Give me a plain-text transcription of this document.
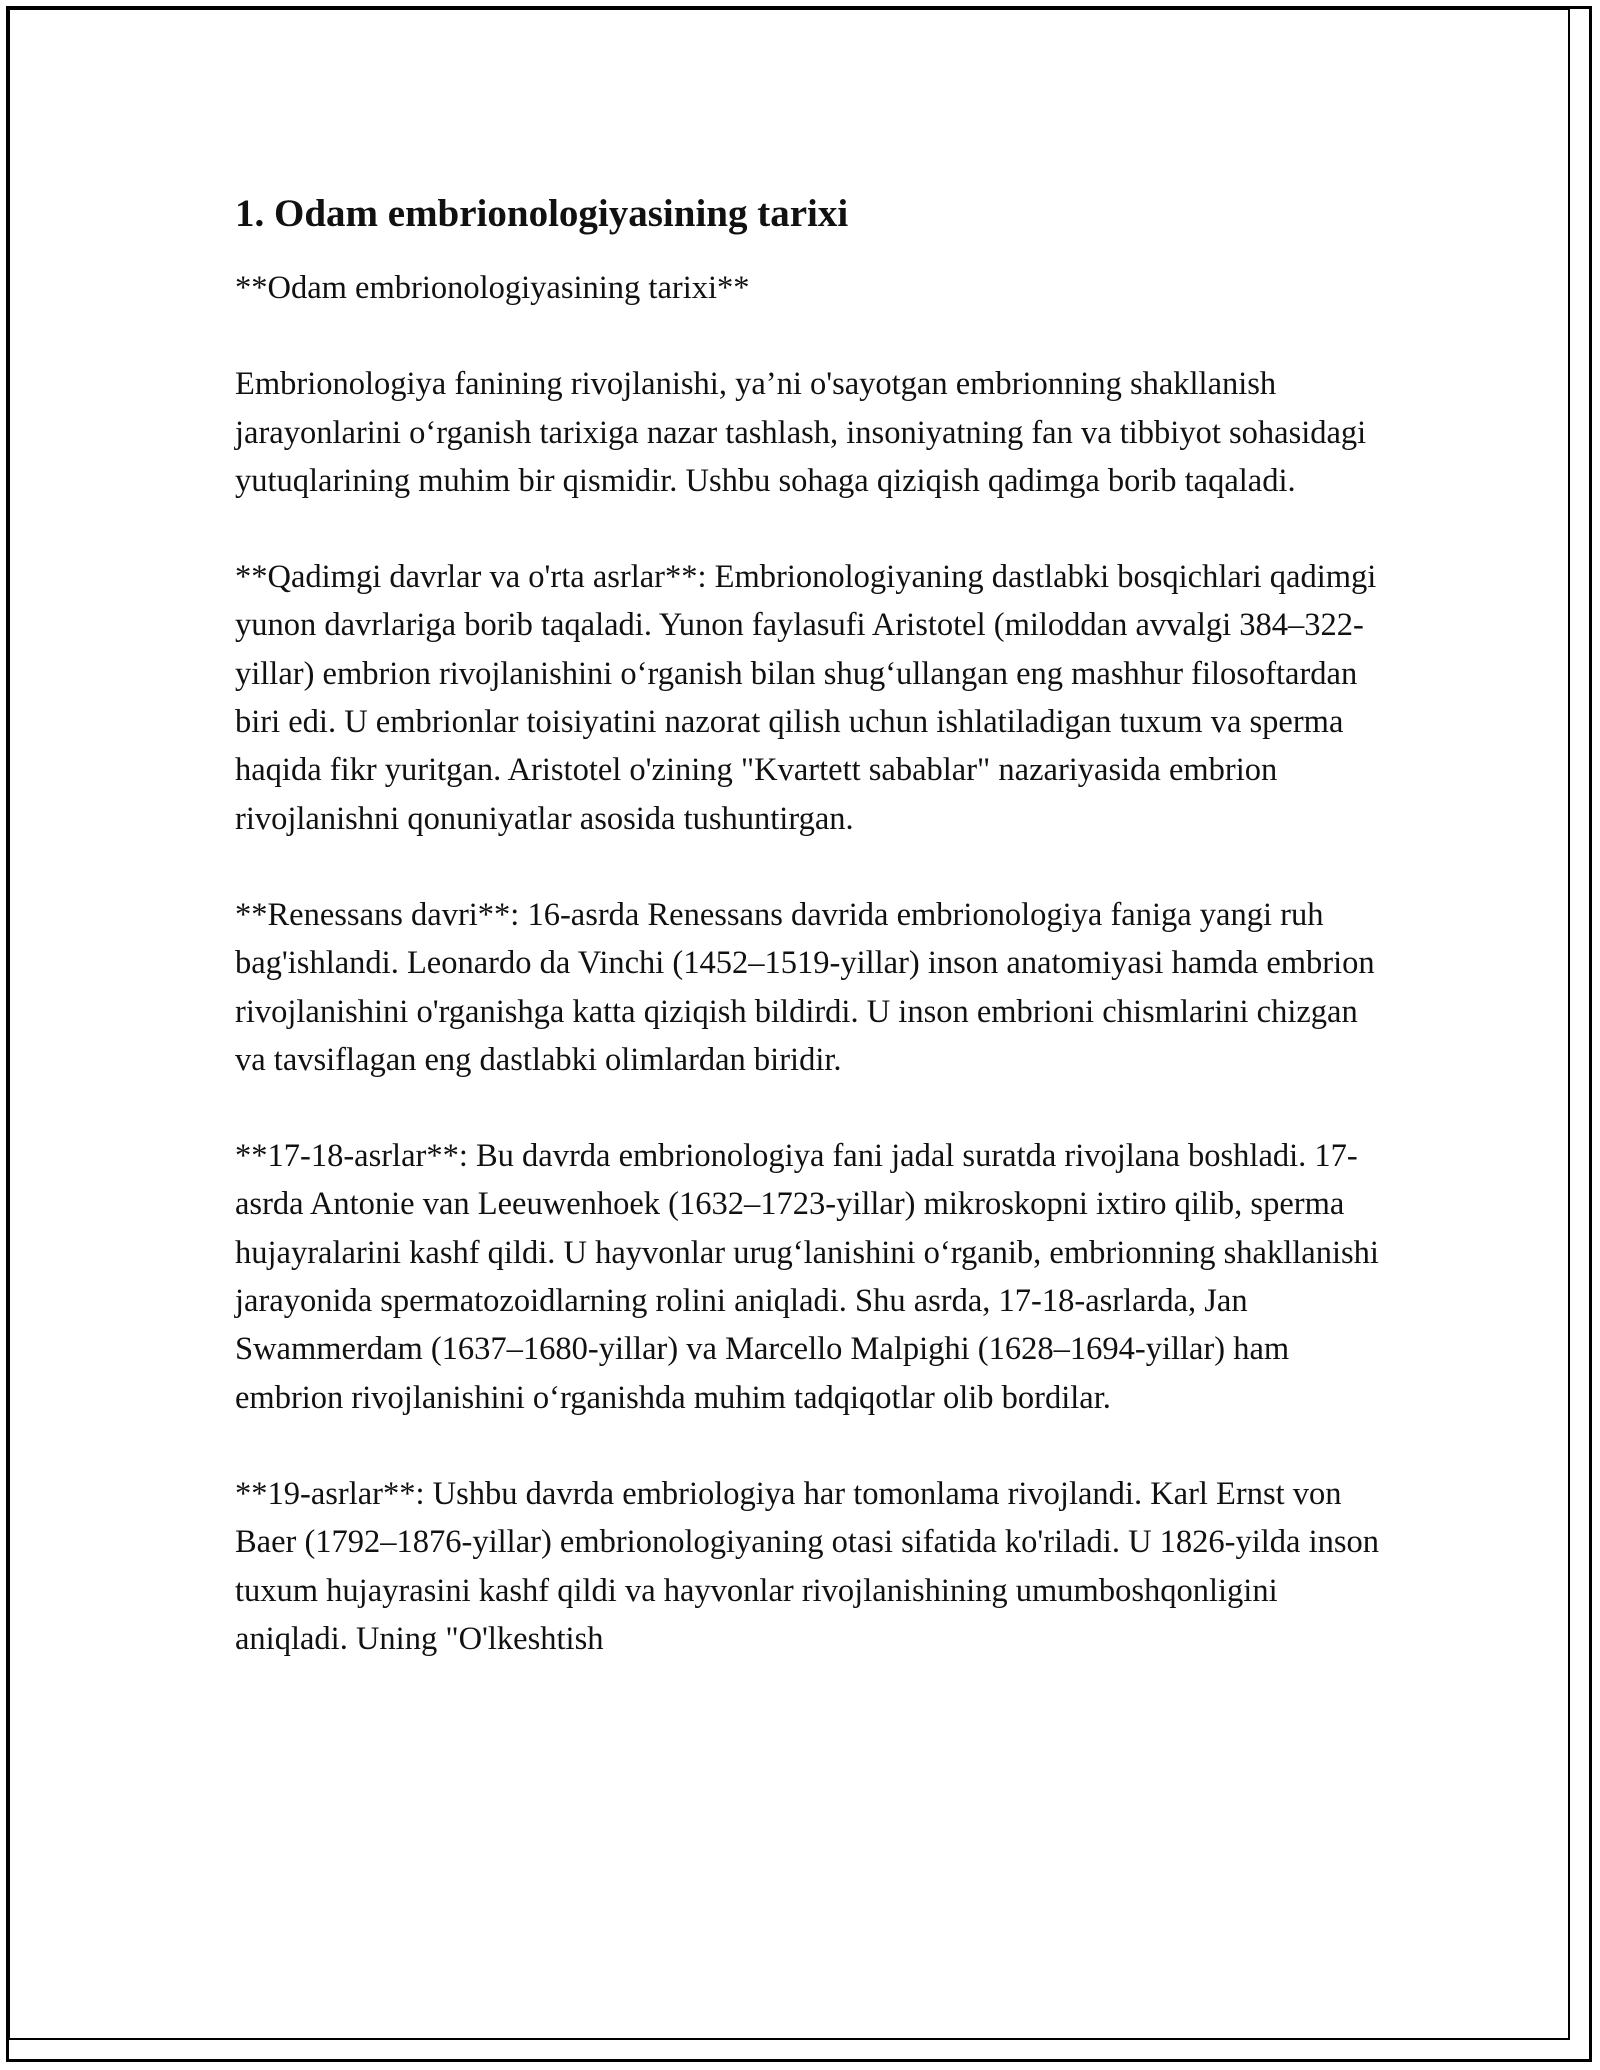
1. Odam embrionologiyasining tarixi

**Odam embrionologiyasining tarixi**

Embrionologiya fanining rivojlanishi, ya’ni o'sayotgan embrionning shakllanish jarayonlarini o‘rganish tarixiga nazar tashlash, insoniyatning fan va tibbiyot sohasidagi yutuqlarining muhim bir qismidir. Ushbu sohaga qiziqish qadimga borib taqaladi.

**Qadimgi davrlar va o'rta asrlar**: Embrionologiyaning dastlabki bosqichlari qadimgi yunon davrlariga borib taqaladi. Yunon faylasufi Aristotel (miloddan avvalgi 384–322-yillar) embrion rivojlanishini o‘rganish bilan shug‘ullangan eng mashhur filosoftardan biri edi. U embrionlar toisiyatini nazorat qilish uchun ishlatiladigan tuxum va sperma haqida fikr yuritgan. Aristotel o'zining "Kvartett sabablar" nazariyasida embrion rivojlanishni qonuniyatlar asosida tushuntirgan.

**Renessans davri**: 16-asrda Renessans davrida embrionologiya faniga yangi ruh bag'ishlandi. Leonardo da Vinchi (1452–1519-yillar) inson anatomiyasi hamda embrion rivojlanishini o'rganishga katta qiziqish bildirdi. U inson embrioni chismlarini chizgan va tavsiflagan eng dastlabki olimlardan biridir.

**17-18-asrlar**: Bu davrda embrionologiya fani jadal suratda rivojlana boshladi. 17-asrda Antonie van Leeuwenhoek (1632–1723-yillar) mikroskopni ixtiro qilib, sperma hujayralarini kashf qildi. U hayvonlar urug‘lanishini o‘rganib, embrionning shakllanishi jarayonida spermatozoidlarning rolini aniqladi. Shu asrda, 17-18-asrlarda, Jan Swammerdam (1637–1680-yillar) va Marcello Malpighi (1628–1694-yillar) ham embrion rivojlanishini o‘rganishda muhim tadqiqotlar olib bordilar.

**19-asrlar**: Ushbu davrda embriologiya har tomonlama rivojlandi. Karl Ernst von Baer (1792–1876-yillar) embrionologiyaning otasi sifatida ko'riladi. U 1826-yilda inson tuxum hujayrasini kashf qildi va hayvonlar rivojlanishining umumboshqonligini aniqladi. Uning "O'lkeshtish
